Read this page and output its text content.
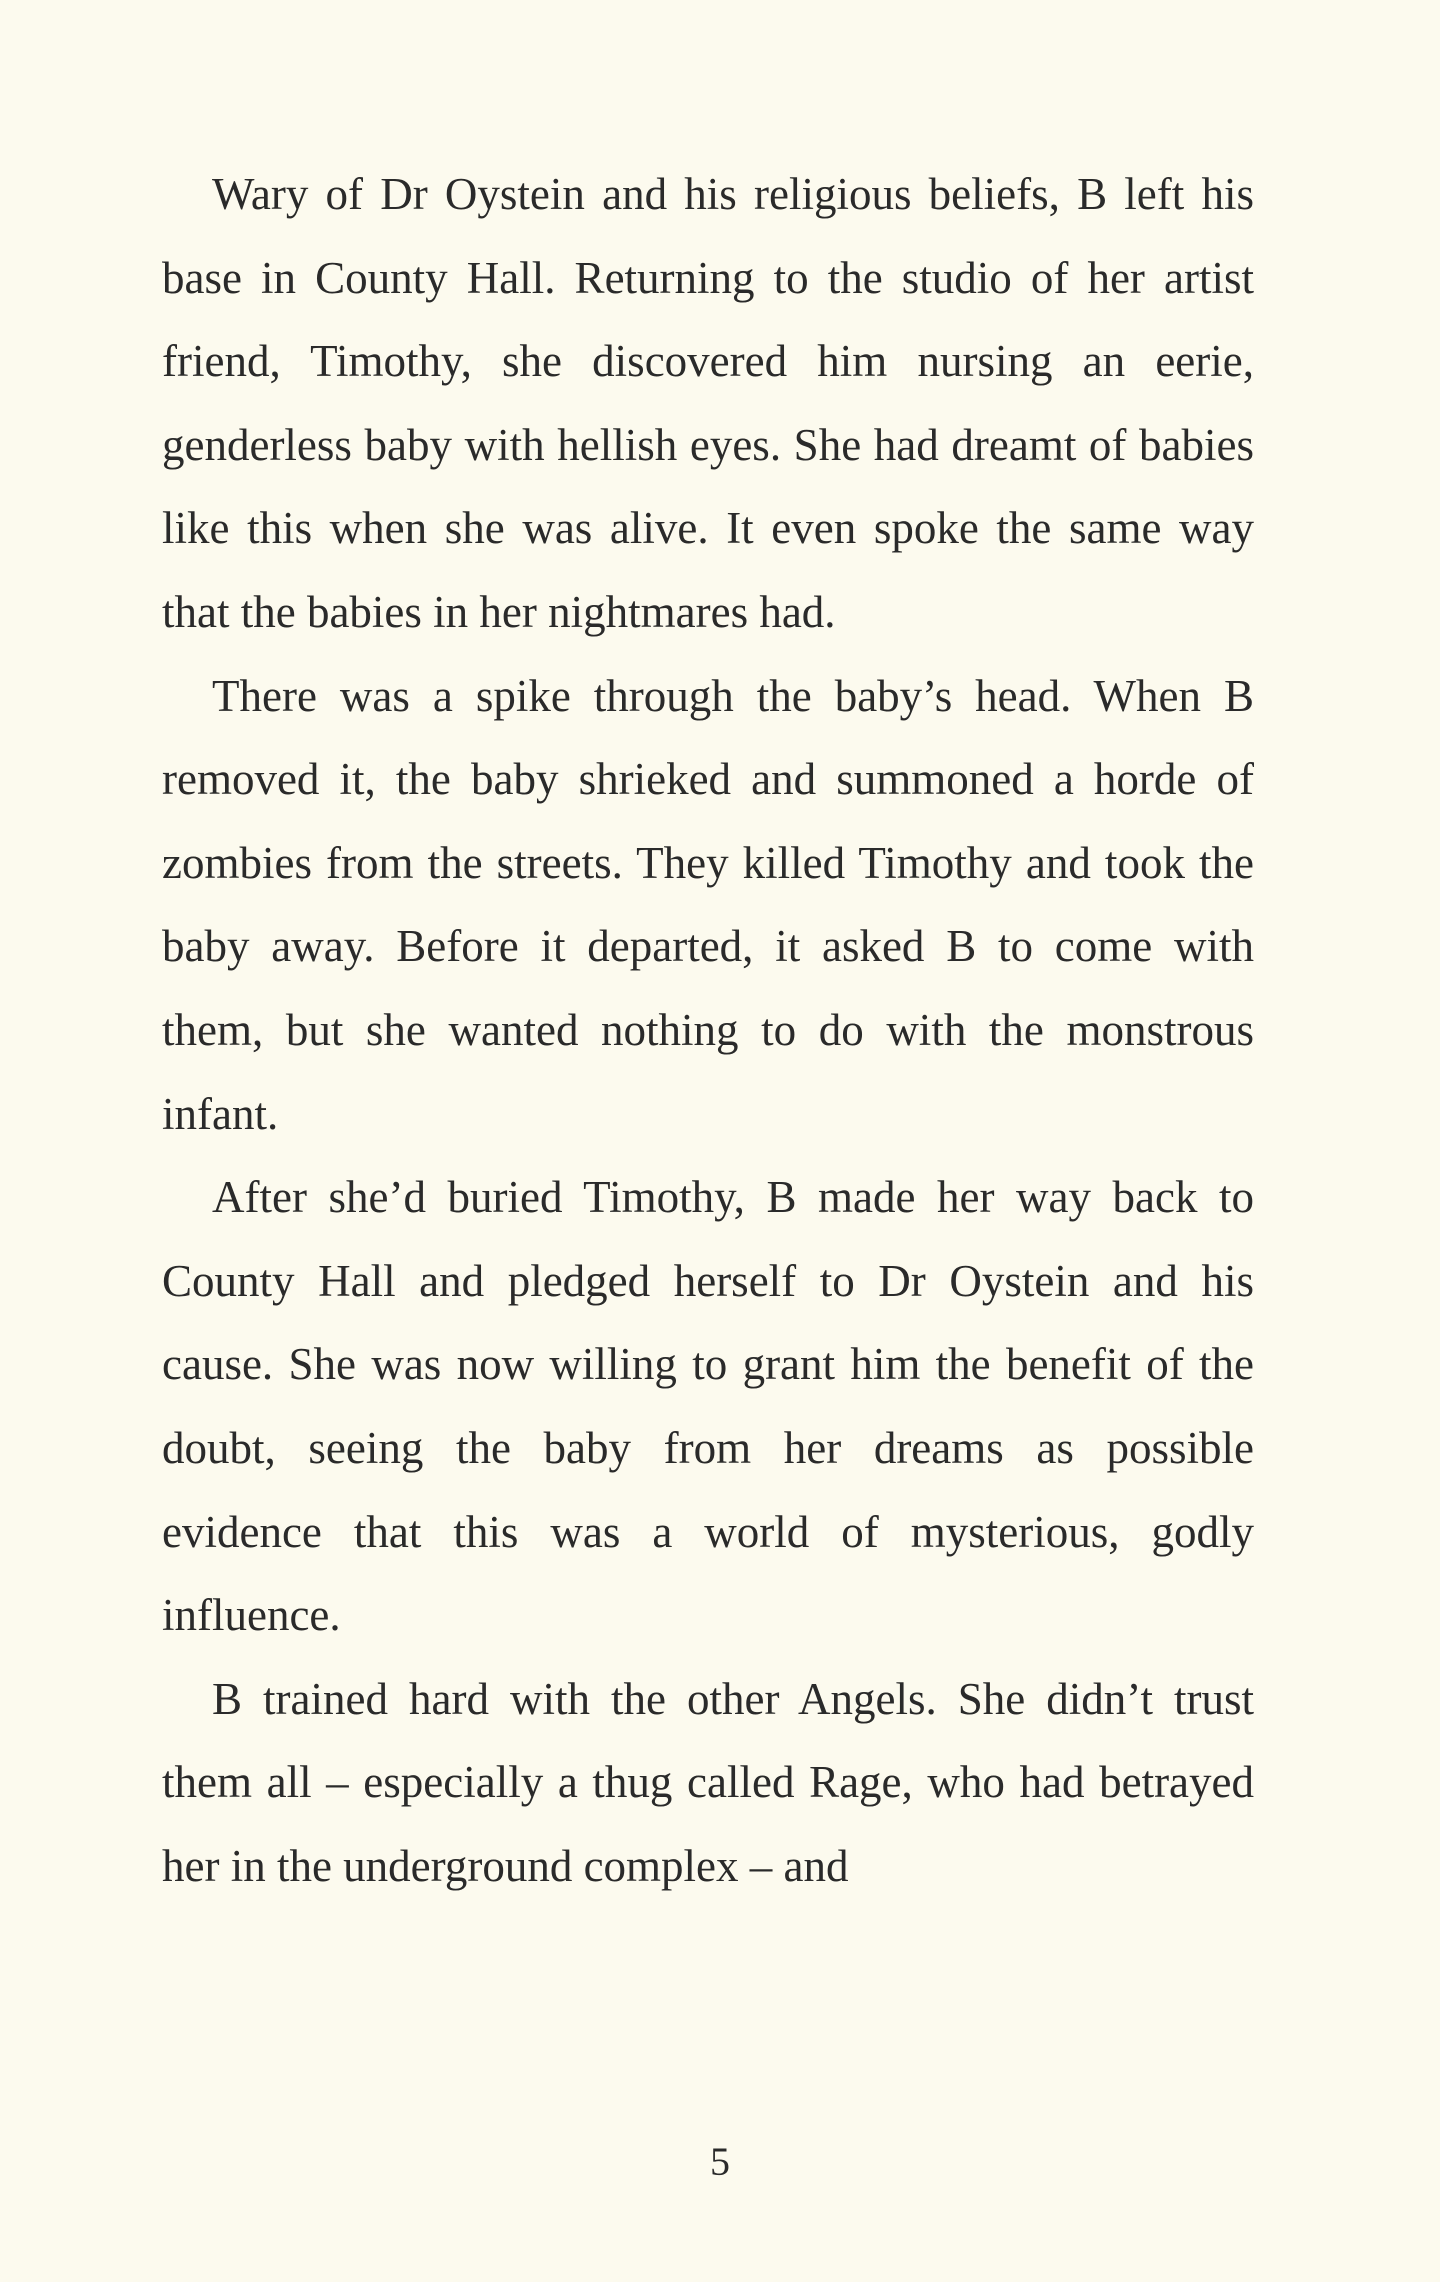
Wary of Dr Oystein and his religious beliefs, B left his base in County Hall. Returning to the studio of her artist friend, Timothy, she discovered him nursing an eerie, genderless baby with hellish eyes. She had dreamt of babies like this when she was alive. It even spoke the same way that the babies in her nightmares had.

There was a spike through the baby’s head. When B removed it, the baby shrieked and summoned a horde of zombies from the streets. They killed Timothy and took the baby away. Before it departed, it asked B to come with them, but she wanted nothing to do with the monstrous infant.

After she’d buried Timothy, B made her way back to County Hall and pledged herself to Dr Oystein and his cause. She was now willing to grant him the benefit of the doubt, seeing the baby from her dreams as possible evidence that this was a world of mysterious, godly influence.

B trained hard with the other Angels. She didn’t trust them all – especially a thug called Rage, who had betrayed her in the underground complex – and

5
